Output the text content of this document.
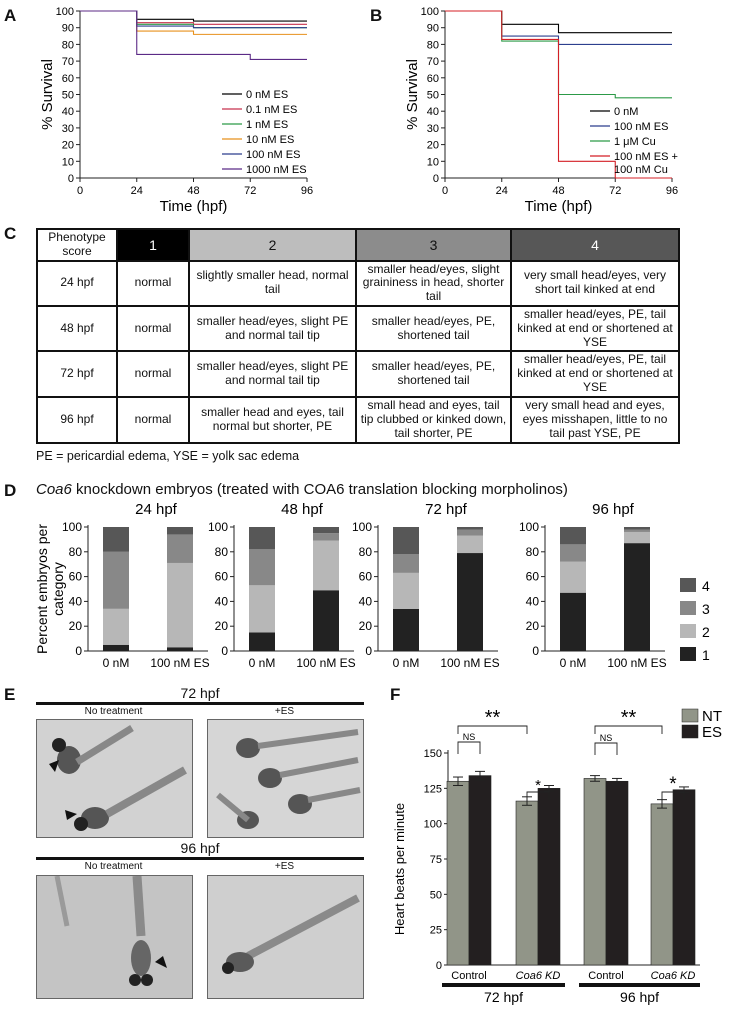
A	B
C
D
E	F
0
10
20
30
40
50
60
70
80
90
100
0	24	48	72	96
Time (hpf)
% Survival	0 nM ES
0.1 nM ES
1 nM ES
10 nM ES
100 nM ES
1000 nM ES
0
10
20
30
40
50
60
70
80
90
100
0	24	48	72	96
Time (hpf)
% Survival	0 nM
100 nM ES
1 μM Cu
100 nM ES +
100 nM Cu
Phenotype score	1	2	3	4
24 hpf	normal	slightly smaller head, normal tail	smaller head/eyes, slight graininess in head, shorter tail	very small head/eyes, very short tail kinked at end
48 hpf	normal	smaller head/eyes, slight PE and normal tail tip	smaller head/eyes, PE, shortened tail	smaller head/eyes, PE, tail kinked at end or shortened at YSE
72 hpf	normal	smaller head/eyes, slight PE and normal tail tip	smaller head/eyes, PE, shortened tail	smaller head/eyes, PE, tail kinked at end or shortened at YSE
96 hpf	normal	smaller head and eyes, tail normal but shorter, PE	small head and eyes, tail tip clubbed or kinked down, tail shorter, PE	very small head and eyes, eyes misshapen, little to no tail past YSE, PE
PE = pericardial edema, YSE = yolk sac edema
Coa6 knockdown embryos (treated with COA6 translation blocking morpholinos)
Percent embryos per category
24 hpf
0
20
40
60
80
100
0 nM 100 nM ES
48 hpf
0
20
40
60
80
100
0 nM 100 nM ES
72 hpf
0
20
40
60
80
100
0 nM 100 nM ES
96 hpf
0
20
40
60
80
100
0 nM 100 nM ES
4
3
2
1
72 hpf
No treatment	+ES
96 hpf
No treatment	+ES
0
25
50
75
100
125
150
Heart beats per minute
Control	Coa6 KD	Control Coa6 KD
72 hpf	96 hpf
NS	NS
**	**
*	*
NT
ES
